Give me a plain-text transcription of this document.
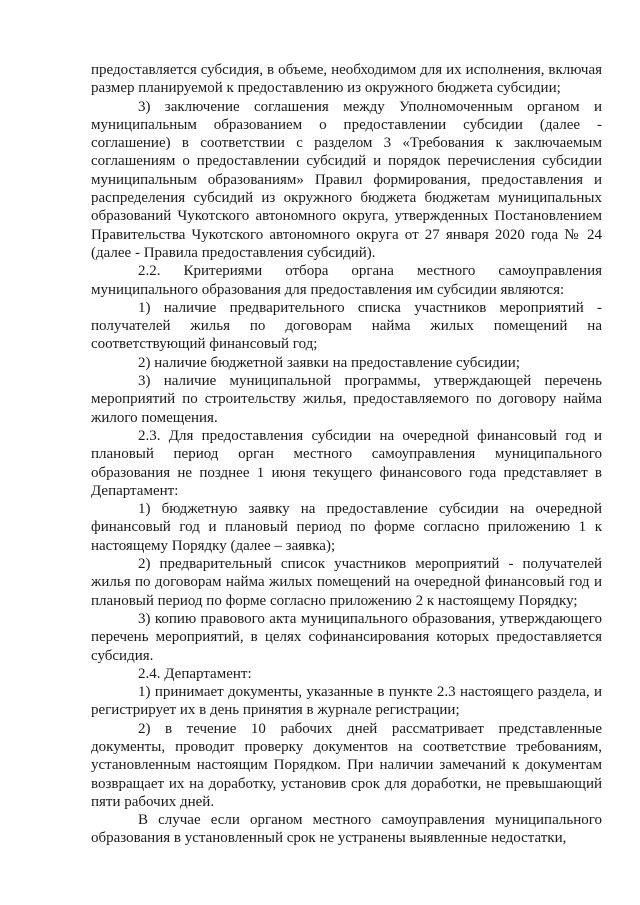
предоставляется субсидия, в объеме, необходимом для их исполнения, включая размер планируемой к предоставлению из окружного бюджета субсидии;

3) заключение соглашения между Уполномоченным органом и муниципальным образованием о предоставлении субсидии (далее - соглашение) в соответствии с разделом 3 «Требования к заключаемым соглашениям о предоставлении субсидий и порядок перечисления субсидии муниципальным образованиям» Правил формирования, предоставления и распределения субсидий из окружного бюджета бюджетам муниципальных образований Чукотского автономного округа, утвержденных Постановлением Правительства Чукотского автономного округа от 27 января 2020 года № 24 (далее - Правила предоставления субсидий).

2.2. Критериями отбора органа местного самоуправления муниципального образования для предоставления им субсидии являются:

1) наличие предварительного списка участников мероприятий - получателей жилья по договорам найма жилых помещений на соответствующий финансовый год;

2) наличие бюджетной заявки на предоставление субсидии;

3) наличие муниципальной программы, утверждающей перечень мероприятий по строительству жилья, предоставляемого по договору найма жилого помещения.

2.3. Для предоставления субсидии на очередной финансовый год и плановый период орган местного самоуправления муниципального образования не позднее 1 июня текущего финансового года представляет в Департамент:

1) бюджетную заявку на предоставление субсидии на очередной финансовый год и плановый период по форме согласно приложению 1 к настоящему Порядку (далее – заявка);

2) предварительный список участников мероприятий - получателей жилья по договорам найма жилых помещений на очередной финансовый год и плановый период по форме согласно приложению 2 к настоящему Порядку;

3) копию правового акта муниципального образования, утверждающего перечень мероприятий, в целях софинансирования которых предоставляется субсидия.

2.4. Департамент:

1) принимает документы, указанные в пункте 2.3 настоящего раздела, и регистрирует их в день принятия в журнале регистрации;

2) в течение 10 рабочих дней рассматривает представленные документы, проводит проверку документов на соответствие требованиям, установленным настоящим Порядком. При наличии замечаний к документам возвращает их на доработку, установив срок для доработки, не превышающий пяти рабочих дней.

В случае если органом местного самоуправления муниципального образования в установленный срок не устранены выявленные недостатки,
